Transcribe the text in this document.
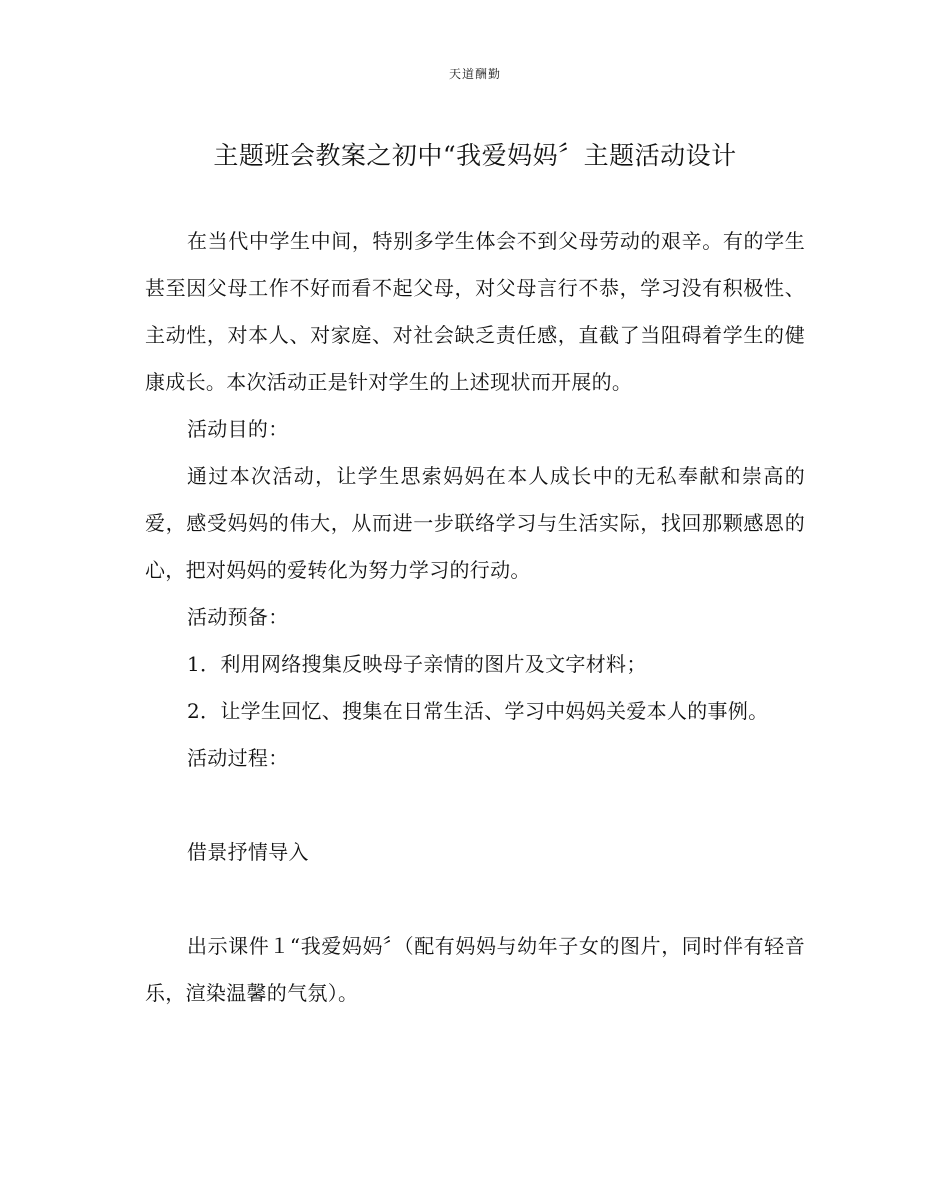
天道酬勤
主题班会教案之初中“我爱妈妈〞主题活动设计

在当代中学生中间，特别多学生体会不到父母劳动的艰辛。有的学生甚至因父母工作不好而看不起父母，对父母言行不恭，学习没有积极性、主动性，对本人、对家庭、对社会缺乏责任感，直截了当阻碍着学生的健康成长。本次活动正是针对学生的上述现状而开展的。

活动目的：

通过本次活动，让学生思索妈妈在本人成长中的无私奉献和崇高的爱，感受妈妈的伟大，从而进一步联络学习与生活实际，找回那颗感恩的心，把对妈妈的爱转化为努力学习的行动。

活动预备：

1．利用网络搜集反映母子亲情的图片及文字材料；

2．让学生回忆、搜集在日常生活、学习中妈妈关爱本人的事例。

活动过程：

借景抒情导入

出示课件１“我爱妈妈〞（配有妈妈与幼年子女的图片，同时伴有轻音乐，渲染温馨的气氛）。
